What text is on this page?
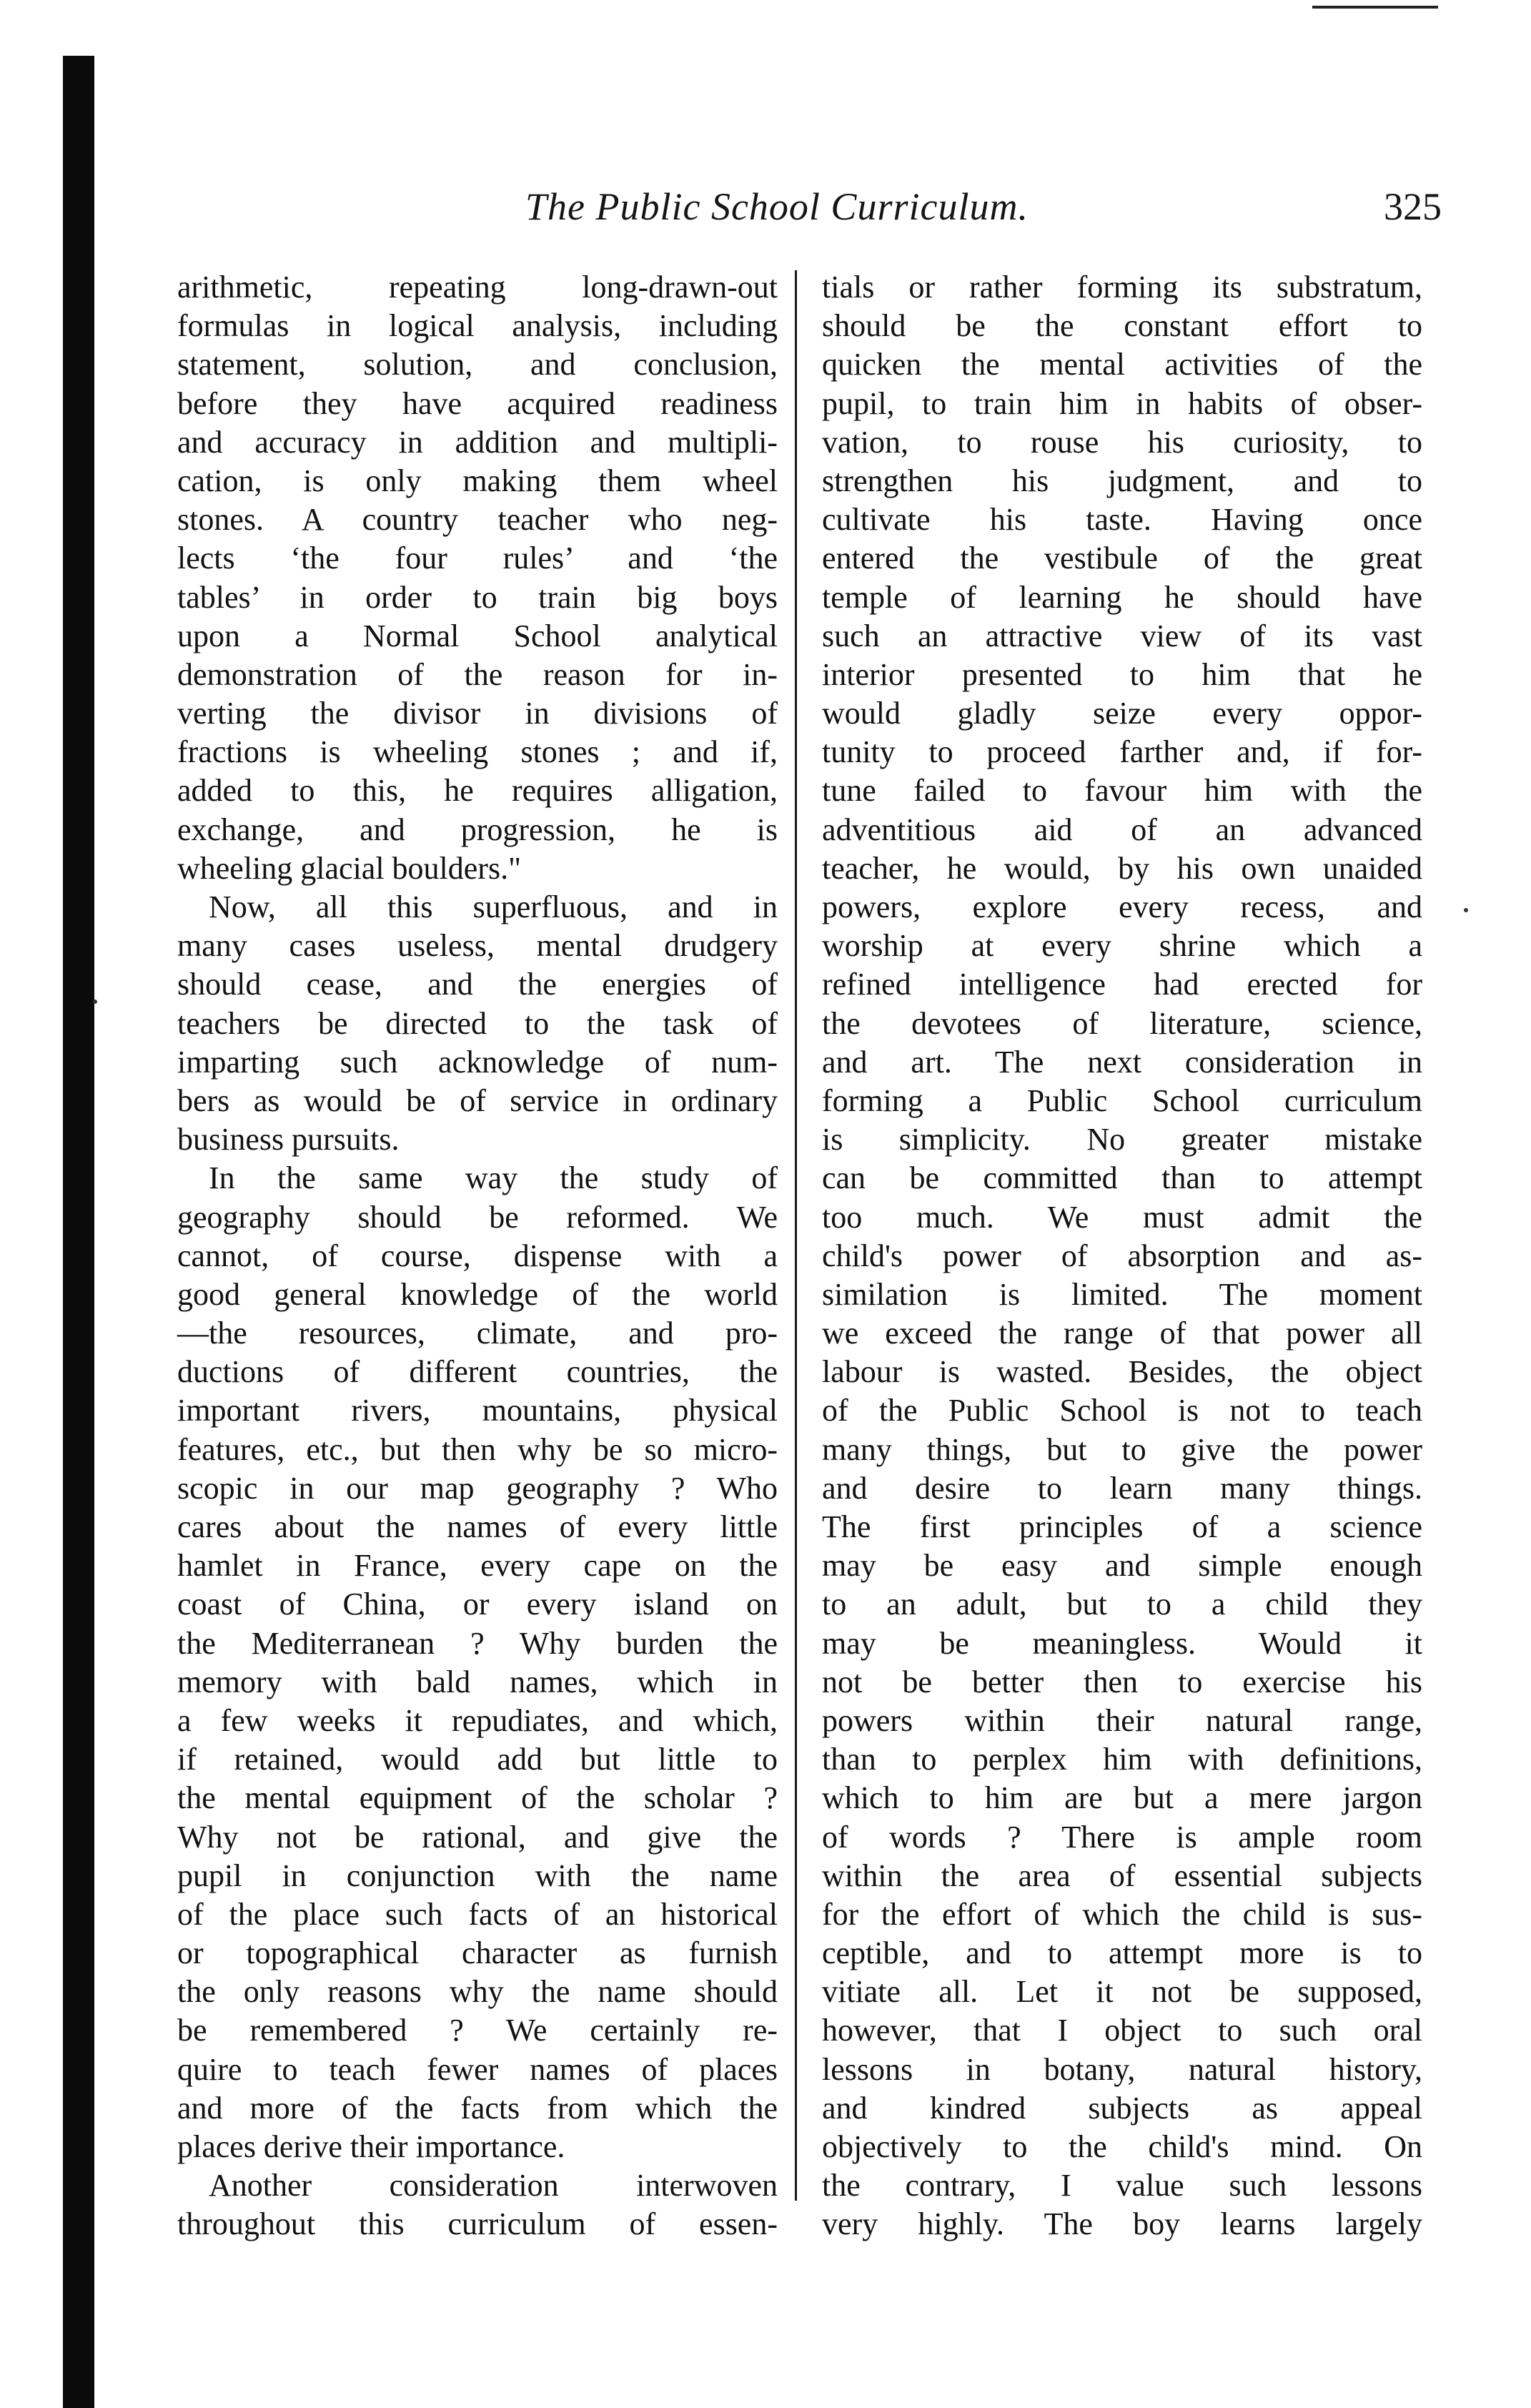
The Public School Curriculum.	325
arithmetic, repeating long-drawn-out
formulas in logical analysis, including
statement, solution, and conclusion,
before they have acquired readiness
and accuracy in addition and multipli-
cation, is only making them wheel
stones. A country teacher who neg-
lects ‘the four rules’ and ‘the
tables’ in order to train big boys
upon a Normal School analytical
demonstration of the reason for in-
verting the divisor in divisions of
fractions is wheeling stones ; and if,
added to this, he requires alligation,
exchange, and progression, he is
wheeling glacial boulders."
Now, all this superfluous, and in
many cases useless, mental drudgery
should cease, and the energies of
teachers be directed to the task of
imparting such acknowledge of num-
bers as would be of service in ordinary
business pursuits.
In the same way the study of
geography should be reformed. We
cannot, of course, dispense with a
good general knowledge of the world
—the resources, climate, and pro-
ductions of different countries, the
important rivers, mountains, physical
features, etc., but then why be so micro-
scopic in our map geography ? Who
cares about the names of every little
hamlet in France, every cape on the
coast of China, or every island on
the Mediterranean ? Why burden the
memory with bald names, which in
a few weeks it repudiates, and which,
if retained, would add but little to
the mental equipment of the scholar ?
Why not be rational, and give the
pupil in conjunction with the name
of the place such facts of an historical
or topographical character as furnish
the only reasons why the name should
be remembered ? We certainly re-
quire to teach fewer names of places
and more of the facts from which the
places derive their importance.
Another consideration interwoven
throughout this curriculum of essen-
tials or rather forming its substratum,
should be the constant effort to
quicken the mental activities of the
pupil, to train him in habits of obser-
vation, to rouse his curiosity, to
strengthen his judgment, and to
cultivate his taste. Having once
entered the vestibule of the great
temple of learning he should have
such an attractive view of its vast
interior presented to him that he
would gladly seize every oppor-
tunity to proceed farther and, if for-
tune failed to favour him with the
adventitious aid of an advanced
teacher, he would, by his own unaided
powers, explore every recess, and
worship at every shrine which a
refined intelligence had erected for
the devotees of literature, science,
and art. The next consideration in
forming a Public School curriculum
is simplicity. No greater mistake
can be committed than to attempt
too much. We must admit the
child's power of absorption and as-
similation is limited. The moment
we exceed the range of that power all
labour is wasted. Besides, the object
of the Public School is not to teach
many things, but to give the power
and desire to learn many things.
The first principles of a science
may be easy and simple enough
to an adult, but to a child they
may be meaningless. Would it
not be better then to exercise his
powers within their natural range,
than to perplex him with definitions,
which to him are but a mere jargon
of words ? There is ample room
within the area of essential subjects
for the effort of which the child is sus-
ceptible, and to attempt more is to
vitiate all. Let it not be supposed,
however, that I object to such oral
lessons in botany, natural history,
and kindred subjects as appeal
objectively to the child's mind. On
the contrary, I value such lessons
very highly. The boy learns largely
